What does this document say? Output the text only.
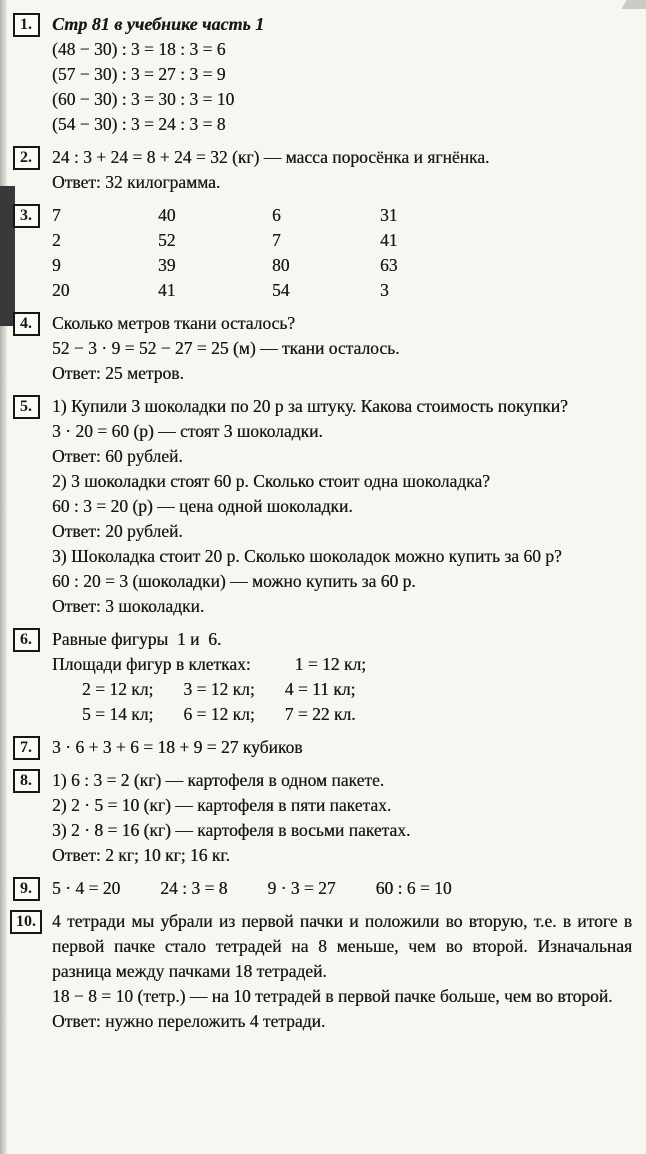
1.	Стр 81 в учебнике часть 1
(48 − 30) : 3 = 18 : 3 = 6
(57 − 30) : 3 = 27 : 3 = 9
(60 − 30) : 3 = 30 : 3 = 10
(54 − 30) : 3 = 24 : 3 = 8
2.	24 : 3 + 24 = 8 + 24 = 32 (кг) — масса поросёнка и ягнёнка.
Ответ: 32 килограмма.
3.	7	40	6	31
2	52	7	41
9	39	80	63
20	41	54	3
4.	Сколько метров ткани осталось?
52 − 3 · 9 = 52 − 27 = 25 (м) — ткани осталось.
Ответ: 25 метров.
5.	1) Купили 3 шоколадки по 20 р за штуку. Какова стоимость покупки?
3 · 20 = 60 (р) — стоят 3 шоколадки.
Ответ: 60 рублей.
2) 3 шоколадки стоят 60 р. Сколько стоит одна шоколадка?
60 : 3 = 20 (р) — цена одной шоколадки.
Ответ: 20 рублей.
3) Шоколадка стоит 20 р. Сколько шоколадок можно купить за 60 р?
60 : 20 = 3 (шоколадки) — можно купить за 60 р.
Ответ: 3 шоколадки.
6.	Равные фигуры  1 и  6.
Площади фигур в клетках:	1 = 12 кл;
2 = 12 кл; 3 = 12 кл; 4 = 11 кл;
5 = 14 кл; 6 = 12 кл; 7 = 22 кл.
7.	3 · 6 + 3 + 6 = 18 + 9 = 27 кубиков
8.	1) 6 : 3 = 2 (кг) — картофеля в одном пакете.
2) 2 · 5 = 10 (кг) — картофеля в пяти пакетах.
3) 2 · 8 = 16 (кг) — картофеля в восьми пакетах.
Ответ: 2 кг; 10 кг; 16 кг.
9.	5 · 4 = 20 24 : 3 = 8 9 · 3 = 27 60 : 6 = 10
10. 4 тетради мы убрали из первой пачки и положили во вторую, т.е. в итоге в первой пачке стало тетрадей на 8 меньше, чем во второй. Изначальная разница между пачками 18 тетрадей.
18 − 8 = 10 (тетр.) — на 10 тетрадей в первой пачке больше, чем во второй.
Ответ: нужно переложить 4 тетради.
